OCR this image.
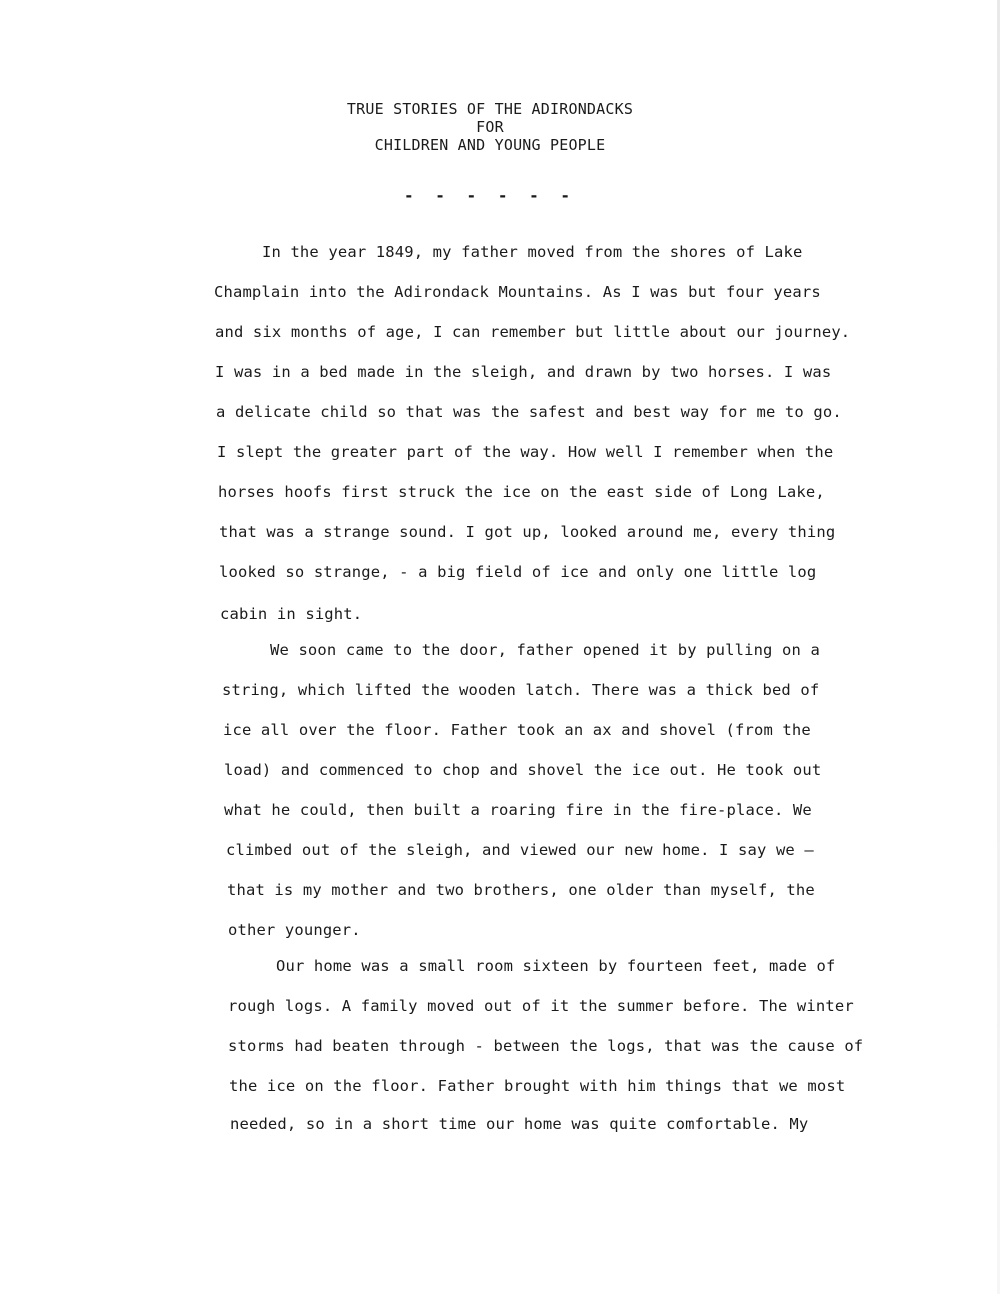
TRUE STORIES OF THE ADIRONDACKS
FOR
CHILDREN AND YOUNG PEOPLE
- - - - - -
In the year 1849, my father moved from the shores of Lake
Champlain into the Adirondack Mountains. As I was but four years
and six months of age, I can remember but little about our journey.
I was in a bed made in the sleigh, and drawn by two horses. I was
a delicate child so that was the safest and best way for me to go.
I slept the greater part of the way. How well I remember when the
horses hoofs first struck the ice on the east side of Long Lake,
that was a strange sound. I got up, looked around me, every thing
looked so strange, - a big field of ice and only one little log
cabin in sight.
We soon came to the door, father opened it by pulling on a
string, which lifted the wooden latch. There was a thick bed of
ice all over the floor. Father took an ax and shovel (from the
load) and commenced to chop and shovel the ice out. He took out
what he could, then built a roaring fire in the fire-place. We
climbed out of the sleigh, and viewed our new home. I say we —
that is my mother and two brothers, one older than myself, the
other younger.
Our home was a small room sixteen by fourteen feet, made of
rough logs. A family moved out of it the summer before. The winter
storms had beaten through - between the logs, that was the cause of
the ice on the floor. Father brought with him things that we most
needed, so in a short time our home was quite comfortable. My
